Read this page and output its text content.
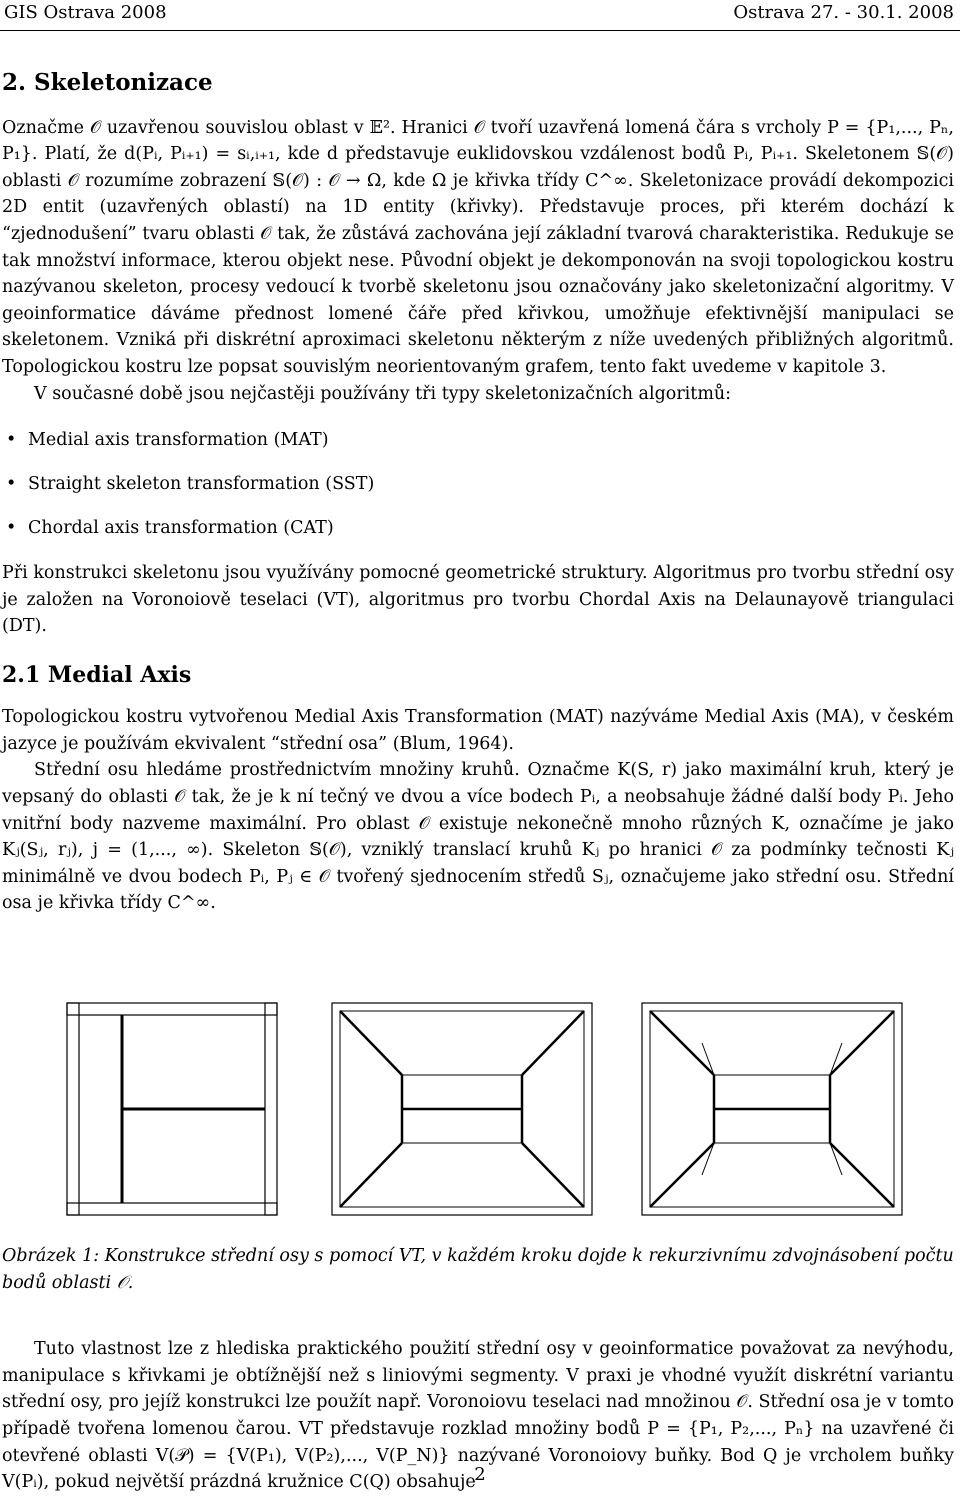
GIS Ostrava 2008	Ostrava 27. - 30.1. 2008
2. Skeletonizace

Označme 𝒪 uzavřenou souvislou oblast v 𝔼². Hranici 𝒪 tvoří uzavřená lomená čára s vrcholy P = {P₁,..., Pₙ, P₁}. Platí, že d(Pᵢ, Pᵢ₊₁) = sᵢ,ᵢ₊₁, kde d představuje euklidovskou vzdálenost bodů Pᵢ, Pᵢ₊₁. Skeletonem 𝕊(𝒪) oblasti 𝒪 rozumíme zobrazení 𝕊(𝒪) : 𝒪 → Ω, kde Ω je křivka třídy C^∞. Skeletonizace provádí dekompozici 2D entit (uzavřených oblastí) na 1D entity (křivky). Představuje proces, při kterém dochází k “zjednodušení” tvaru oblasti 𝒪 tak, že zůstává zachována její základní tvarová charakteristika. Redukuje se tak množství informace, kterou objekt nese. Původní objekt je dekomponován na svoji topologickou kostru nazývanou skeleton, procesy vedoucí k tvorbě skeletonu jsou označovány jako skeletonizační algoritmy. V geoinformatice dáváme přednost lomené čáře před křivkou, umožňuje efektivnější manipulaci se skeletonem. Vzniká při diskrétní aproximaci skeletonu některým z níže uvedených přibližných algoritmů. Topologickou kostru lze popsat souvislým neorientovaným grafem, tento fakt uvedeme v kapitole 3.

V současné době jsou nejčastěji používány tři typy skeletonizačních algoritmů:

• Medial axis transformation (MAT)
• Straight skeleton transformation (SST)
• Chordal axis transformation (CAT)

Při konstrukci skeletonu jsou využívány pomocné geometrické struktury. Algoritmus pro tvorbu střední osy je založen na Voronoiově teselaci (VT), algoritmus pro tvorbu Chordal Axis na Delaunayově triangulaci (DT).

2.1 Medial Axis

Topologickou kostru vytvořenou Medial Axis Transformation (MAT) nazýváme Medial Axis (MA), v českém jazyce je používám ekvivalent “střední osa” (Blum, 1964).

Střední osu hledáme prostřednictvím množiny kruhů. Označme K(S, r) jako maximální kruh, který je vepsaný do oblasti 𝒪 tak, že je k ní tečný ve dvou a více bodech Pᵢ, a neobsahuje žádné další body Pᵢ. Jeho vnitřní body nazveme maximální. Pro oblast 𝒪 existuje nekonečně mnoho různých K, označíme je jako Kⱼ(Sⱼ, rⱼ), j = (1,..., ∞). Skeleton 𝕊(𝒪), vzniklý translací kruhů Kⱼ po hranici 𝒪 za podmínky tečnosti Kⱼ minimálně ve dvou bodech Pᵢ, Pⱼ ∈ 𝒪 tvořený sjednocením středů Sⱼ, označujeme jako střední osu. Střední osa je křivka třídy C^∞.

Obrázek 1: Konstrukce střední osy s pomocí VT, v každém kroku dojde k rekurzivnímu zdvojnásobení počtu bodů oblasti 𝒪.

Tuto vlastnost lze z hlediska praktického použití střední osy v geoinformatice považovat za nevýhodu, manipulace s křivkami je obtížnější než s liniovými segmenty. V praxi je vhodné využít diskrétní variantu střední osy, pro jejíž konstrukci lze použít např. Voronoiovu teselaci nad množinou 𝒪. Střední osa je v tomto případě tvořena lomenou čarou. VT představuje rozklad množiny bodů P = {P₁, P₂,..., Pₙ} na uzavřené či otevřené oblasti V(𝒫) = {V(P₁), V(P₂),..., V(P_N)} nazývané Voronoiovy buňky. Bod Q je vrcholem buňky V(Pᵢ), pokud největší prázdná kružnice C(Q) obsahuje

2
